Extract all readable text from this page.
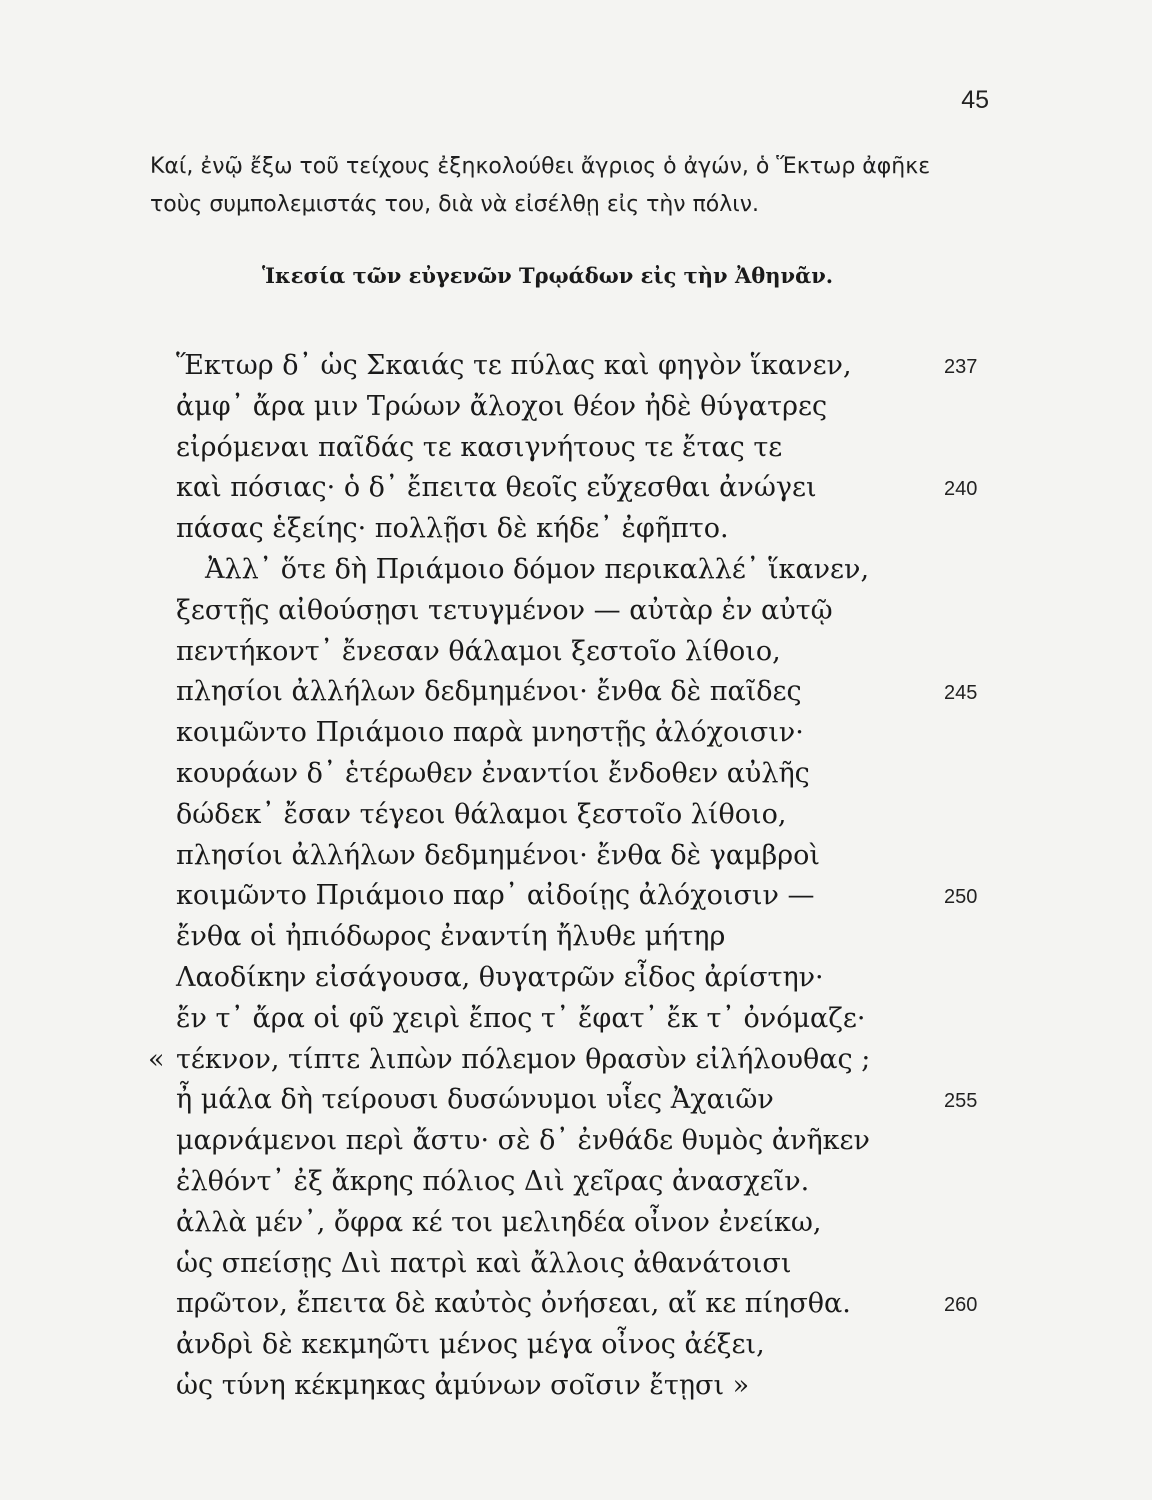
45

Καί, ἐνῷ ἔξω τοῦ τείχους ἐξηκολούθει ἄγριος ὁ ἀγών, ὁ Ἕκτωρ ἀφῆκε

τοὺς συμπολεμιστάς του, διὰ νὰ εἰσέλθῃ εἰς τὴν πόλιν.

Ἱκεσία τῶν εὐγενῶν Τρῳάδων εἰς τὴν Ἀθηνᾶν.
Ἕκτωρ δ᾽ ὡς Σκαιάς τε πύλας καὶ φηγὸν ἵκανεν,	237
ἀμφ᾽ ἄρα μιν Τρώων ἄλοχοι θέον ἠδὲ θύγατρες
εἰρόμεναι παῖδάς τε κασιγνήτους τε ἔτας τε
καὶ πόσιας· ὁ δ᾽ ἔπειτα θεοῖς εὔχεσθαι ἀνώγει	240
πάσας ἑξείης· πολλῇσι δὲ κήδε᾽ ἐφῆπτο.
Ἀλλ᾽ ὅτε δὴ Πριάμοιο δόμον περικαλλέ᾽ ἵκανεν,
ξεστῇς αἰθούσῃσι τετυγμένον — αὐτὰρ ἐν αὐτῷ
πεντήκοντ᾽ ἔνεσαν θάλαμοι ξεστοῖο λίθοιο,
πλησίοι ἀλλήλων δεδμημένοι· ἔνθα δὲ παῖδες	245
κοιμῶντο Πριάμοιο παρὰ μνηστῇς ἀλόχοισιν·
κουράων δ᾽ ἑτέρωθεν ἐναντίοι ἔνδοθεν αὐλῆς
δώδεκ᾽ ἔσαν τέγεοι θάλαμοι ξεστοῖο λίθοιο,
πλησίοι ἀλλήλων δεδμημένοι· ἔνθα δὲ γαμβροὶ
κοιμῶντο Πριάμοιο παρ᾽ αἰδοίῃς ἀλόχοισιν —	250
ἔνθα οἱ ἠπιόδωρος ἐναντίη ἤλυθε μήτηρ
Λαοδίκην εἰσάγουσα, θυγατρῶν εἶδος ἀρίστην·
ἔν τ᾽ ἄρα οἱ φῦ χειρὶ ἔπος τ᾽ ἔφατ᾽ ἔκ τ᾽ ὀνόμαζε·
« τέκνον, τίπτε λιπὼν πόλεμον θρασὺν εἰλήλουθας ;
ἦ μάλα δὴ τείρουσι δυσώνυμοι υἷες Ἀχαιῶν	255
μαρνάμενοι περὶ ἄστυ· σὲ δ᾽ ἐνθάδε θυμὸς ἀνῆκεν
ἐλθόντ᾽ ἐξ ἄκρης πόλιος Διὶ χεῖρας ἀνασχεῖν.
ἀλλὰ μέν᾽, ὄφρα κέ τοι μελιηδέα οἶνον ἐνείκω,
ὡς σπείσῃς Διὶ πατρὶ καὶ ἄλλοις ἀθανάτοισι
πρῶτον, ἔπειτα δὲ καὐτὸς ὀνήσεαι, αἴ κε πίησθα.	260
ἀνδρὶ δὲ κεκμηῶτι μένος μέγα οἶνος ἀέξει,
ὡς τύνη κέκμηκας ἀμύνων σοῖσιν ἔτῃσι »
